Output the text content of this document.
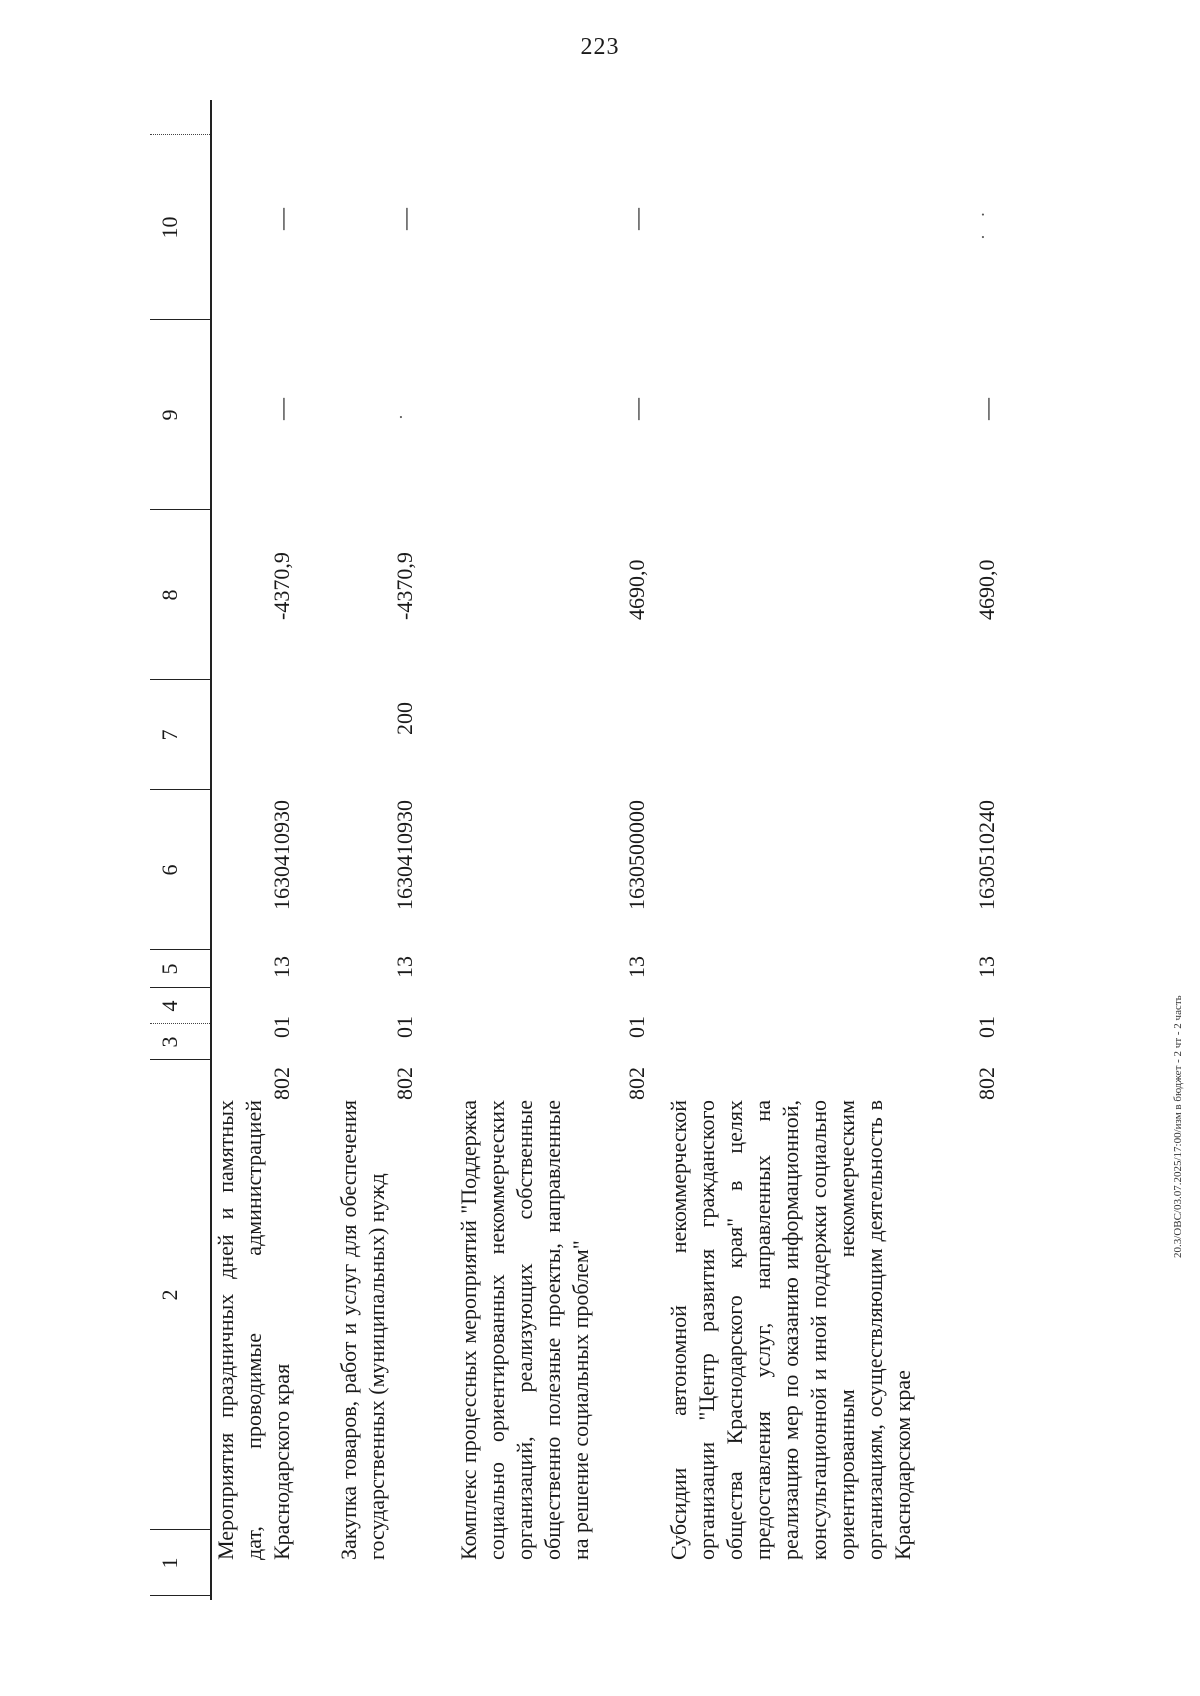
223
20.3/OBC/03.07.2025/17:00/изм в бюджет - 2 чт - 2 часть
1
2
3
4
5
6
7
8
9
10
Мероприятия праздничных дней и памятных дат, проводимые администрацией Краснодарского края
802
01
13
1630410930
-4370,9
—
—
Закупка товаров, работ и услуг для обеспечения государственных (муниципальных) нужд
802
01
13
1630410930
200
-4370,9
·
—
Комплекс процессных мероприятий "Поддержка социально ориентированных некоммерческих организаций, реализующих собственные общественно полезные проекты, направленные на решение социальных проблем"
802
01
13
1630500000
4690,0
—
—
Субсидии автономной некоммерческой организации "Центр развития гражданского общества Краснодарского края" в целях предоставления услуг, направленных на реализацию мер по оказанию информационной, консультационной и иной поддержки социально ориентированным некоммерческим организациям, осуществляющим деятельность в Краснодарском крае
802
01
13
1630510240
4690,0
—
· ·
